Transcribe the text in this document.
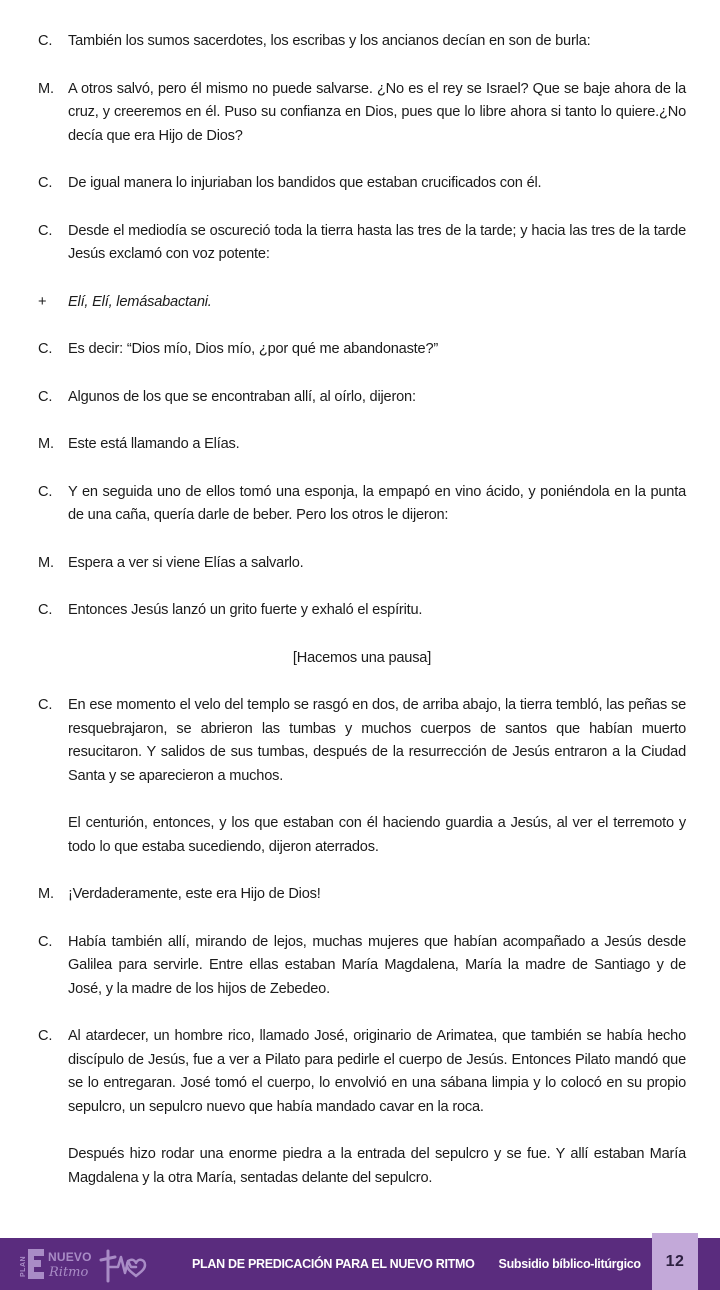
C.	También los sumos sacerdotes, los escribas y los ancianos decían en son de burla:
M. A otros salvó, pero él mismo no puede salvarse. ¿No es el rey se Israel? Que se baje ahora de la cruz, y creeremos en él. Puso su confianza en Dios, pues que lo libre ahora si tanto lo quiere.¿No decía que era Hijo de Dios?
C.	De igual manera lo injuriaban los bandidos que estaban crucificados con él.
C.	Desde el mediodía se oscureció toda la tierra hasta las tres de la tarde; y hacia las tres de la tarde Jesús exclamó con voz potente:
+	Elí, Elí, lemásabactani.
C.	Es decir: “Dios mío, Dios mío, ¿por qué me abandonaste?”
C.	Algunos de los que se encontraban allí, al oírlo, dijeron:
M. Este está llamando a Elías.
C.	Y en seguida uno de ellos tomó una esponja, la empapó en vino ácido, y poniéndola en la punta de una caña, quería darle de beber. Pero los otros le dijeron:
M. Espera a ver si viene Elías a salvarlo.
C.	Entonces Jesús lanzó un grito fuerte y exhaló el espíritu.
[Hacemos una pausa]
C.	En ese momento el velo del templo se rasgó en dos, de arriba abajo, la tierra tembló, las peñas se resquebrajaron, se abrieron las tumbas y muchos cuerpos de santos que habían muerto resucitaron. Y salidos de sus tumbas, después de la resurrección de Jesús entraron a la Ciudad Santa y se aparecieron a muchos.
El centurión, entonces, y los que estaban con él haciendo guardia a Jesús, al ver el terremoto y todo lo que estaba sucediendo, dijeron aterrados.
M. ¡Verdaderamente, este era Hijo de Dios!
C.	Había también allí, mirando de lejos, muchas mujeres que habían acompañado a Jesús desde Galilea para servirle. Entre ellas estaban María Magdalena, María la madre de Santiago y de José, y la madre de los hijos de Zebedeo.
C.	Al atardecer, un hombre rico, llamado José, originario de Arimatea, que también se había hecho discípulo de Jesús, fue a ver a Pilato para pedirle el cuerpo de Jesús. Entonces Pilato mandó que se lo entregaran. José tomó el cuerpo, lo envolvió en una sábana limpia y lo colocó en su propio sepulcro, un sepulcro nuevo que había mandado cavar en la roca.
Después hizo rodar una enorme piedra a la entrada del sepulcro y se fue. Y allí estaban María Magdalena y la otra María, sentadas delante del sepulcro.
PLAN NUEVO
Ritmo
PLAN DE PREDICACIÓN PARA EL NUEVO RITMO Subsidio bíblico-litúrgico 12
